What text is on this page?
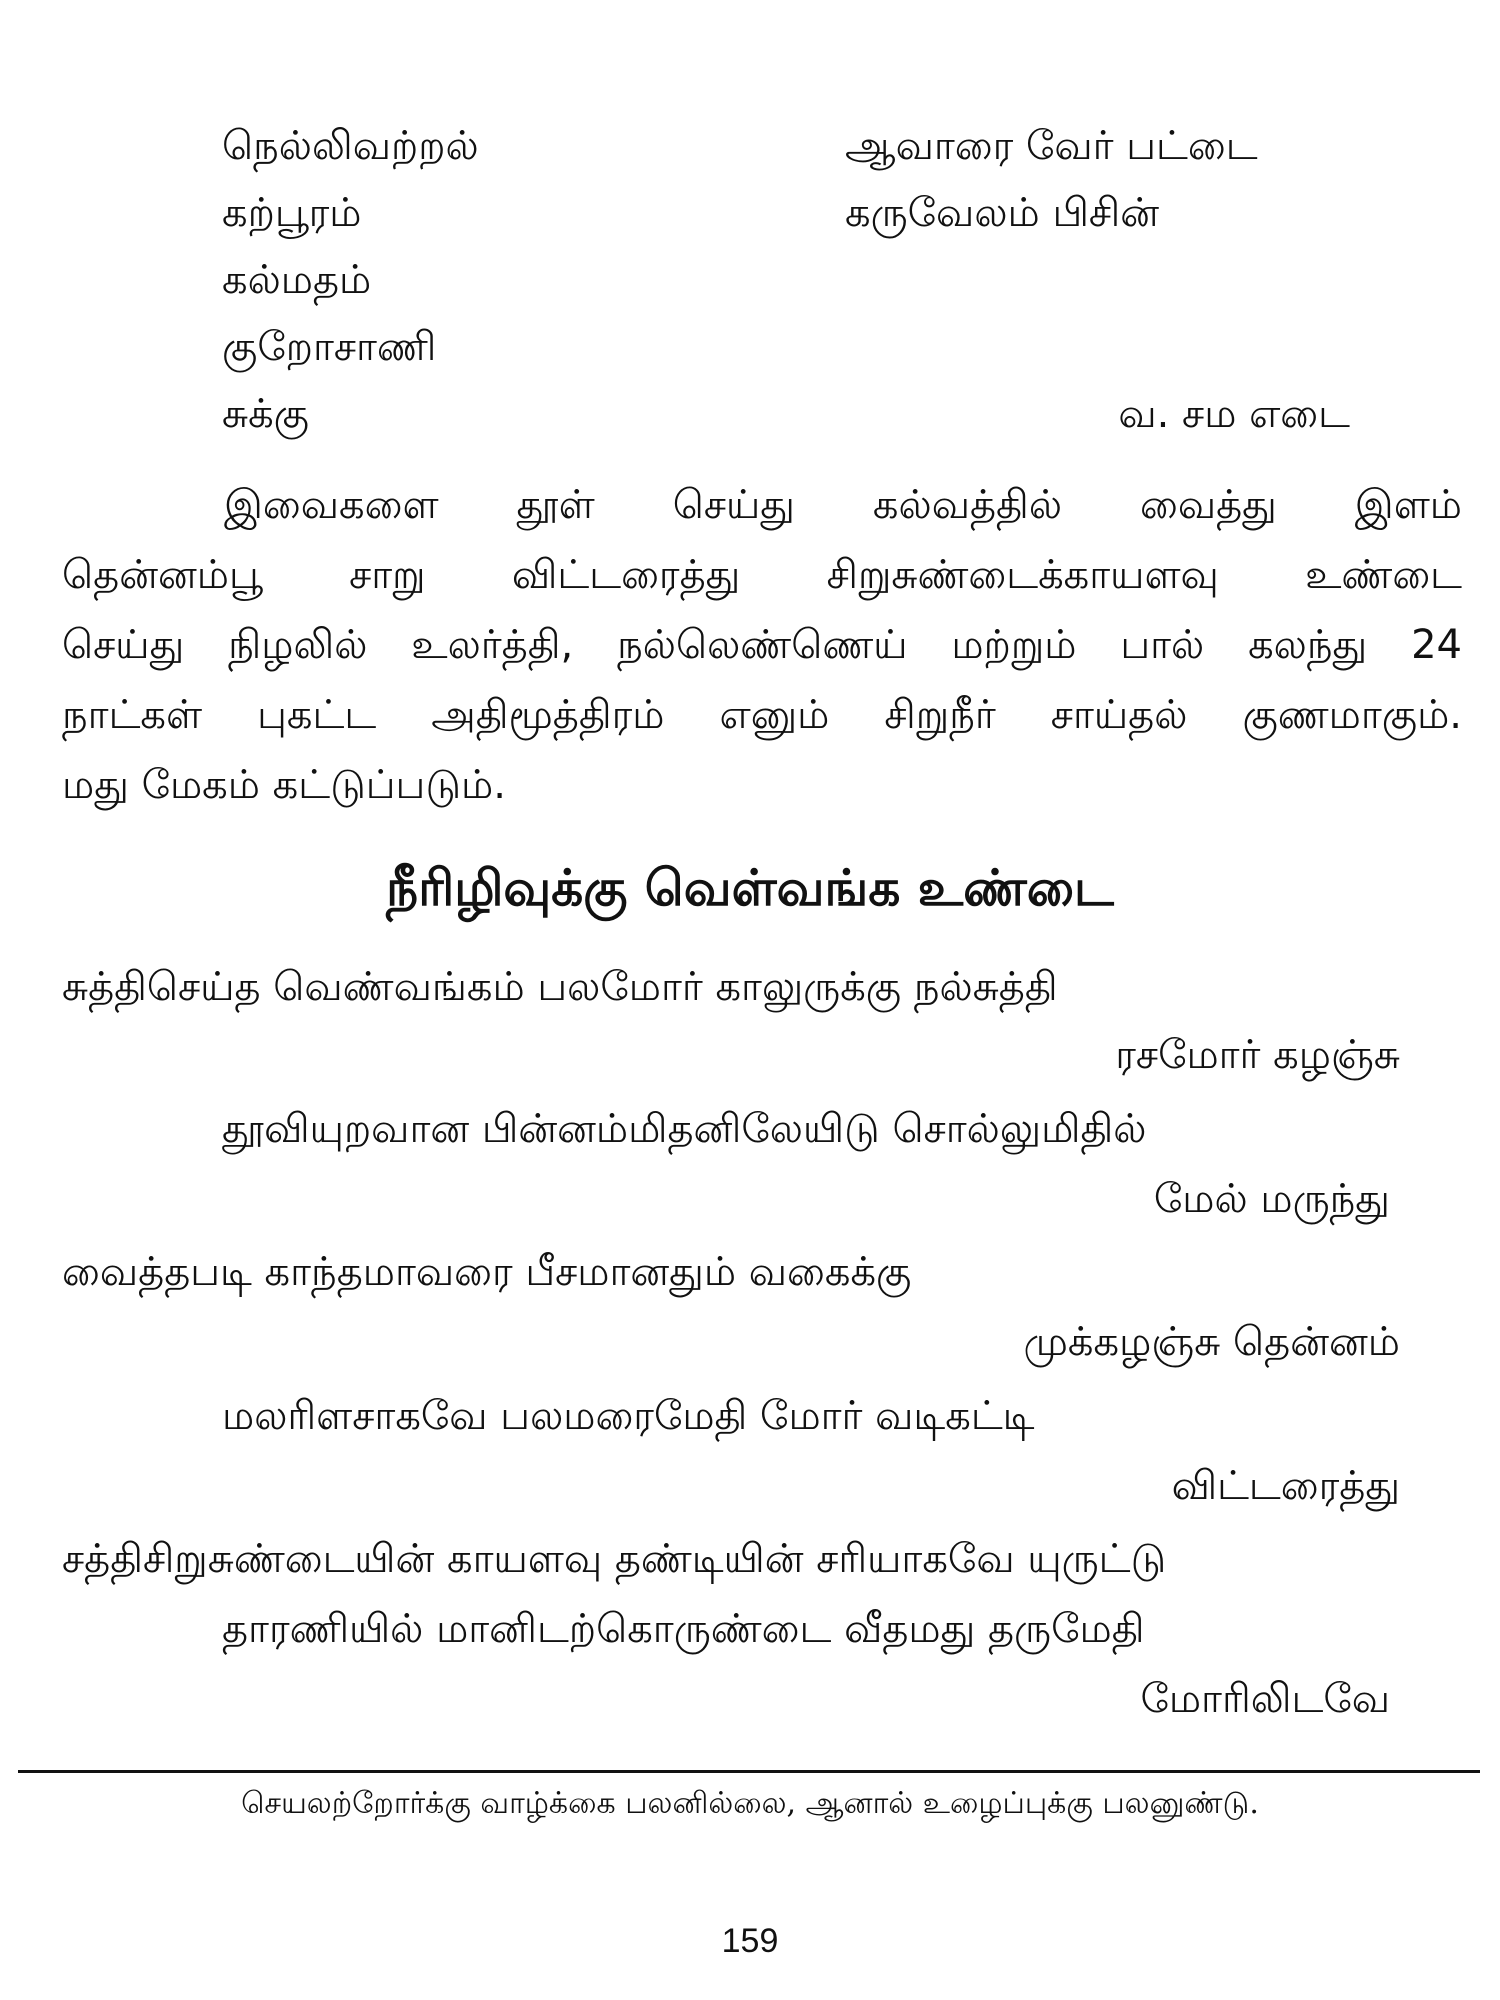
நெல்லிவற்றல்
கற்பூரம்
கல்மதம்
குறோசாணி
சுக்கு
ஆவாரை வேர் பட்டை
கருவேலம் பிசின்
வ. சம எடை
இவைகளை தூள் செய்து கல்வத்தில் வைத்து இளம்
தென்னம்பூ சாறு விட்டரைத்து சிறுசுண்டைக்காயளவு உண்டை
செய்து நிழலில் உலர்த்தி, நல்லெண்ணெய் மற்றும் பால் கலந்து 24
நாட்கள் புகட்ட அதிமூத்திரம் எனும் சிறுநீர் சாய்தல் குணமாகும்.
மது மேகம் கட்டுப்படும்.
நீரிழிவுக்கு வெள்வங்க உண்டை
சுத்திசெய்த வெண்வங்கம் பலமோர் காலுருக்கு நல்சுத்தி
ரசமோர் கழஞ்சு
தூவியுறவான பின்னம்மிதனிலேயிடு சொல்லுமிதில்
மேல் மருந்து
வைத்தபடி காந்தமாவரை பீசமானதும் வகைக்கு
முக்கழஞ்சு தென்னம்
மலரிளசாகவே பலமரைமேதி மோர் வடிகட்டி
விட்டரைத்து
சத்திசிறுசுண்டையின் காயளவு தண்டியின் சரியாகவே யுருட்டு
தாரணியில் மானிடற்கொருண்டை வீதமது தருமேதி
மோரிலிடவே
செயலற்றோர்க்கு வாழ்க்கை பலனில்லை, ஆனால் உழைப்புக்கு பலனுண்டு.
159
